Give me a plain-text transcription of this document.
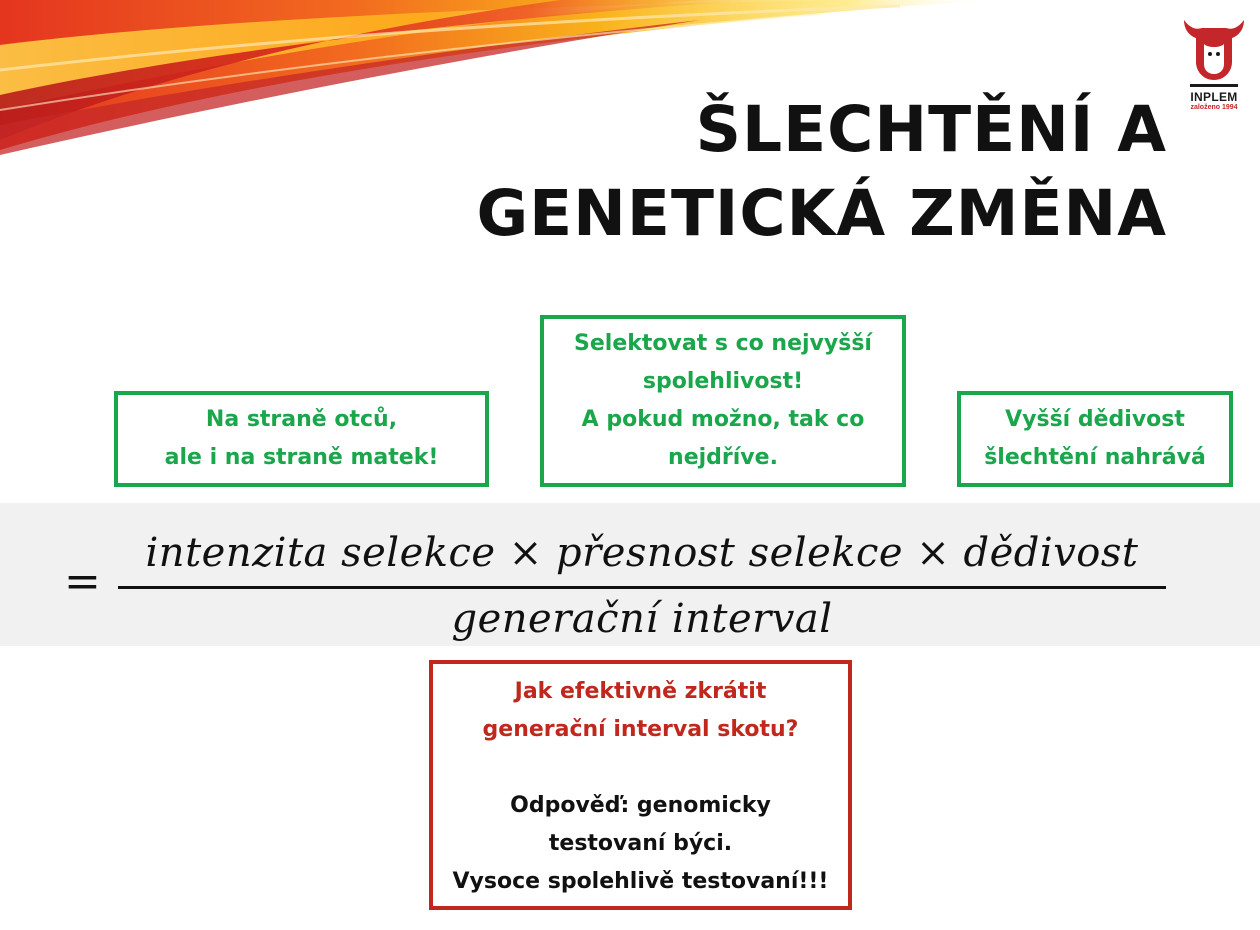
INPLEM
založeno 1994
ŠLECHTĚNÍ A
GENETICKÁ ZMĚNA
Na straně otců,
ale i na straně matek!
Selektovat s co nejvyšší
spolehlivost!
A pokud možno, tak co
nejdříve.
Vyšší dědivost
šlechtění nahrává
=
intenzita selekce × přesnost selekce × dědivost
generační interval
Jak efektivně zkrátit
generační interval skotu?
Odpověď: genomicky
testovaní býci.
Vysoce spolehlivě testovaní!!!
